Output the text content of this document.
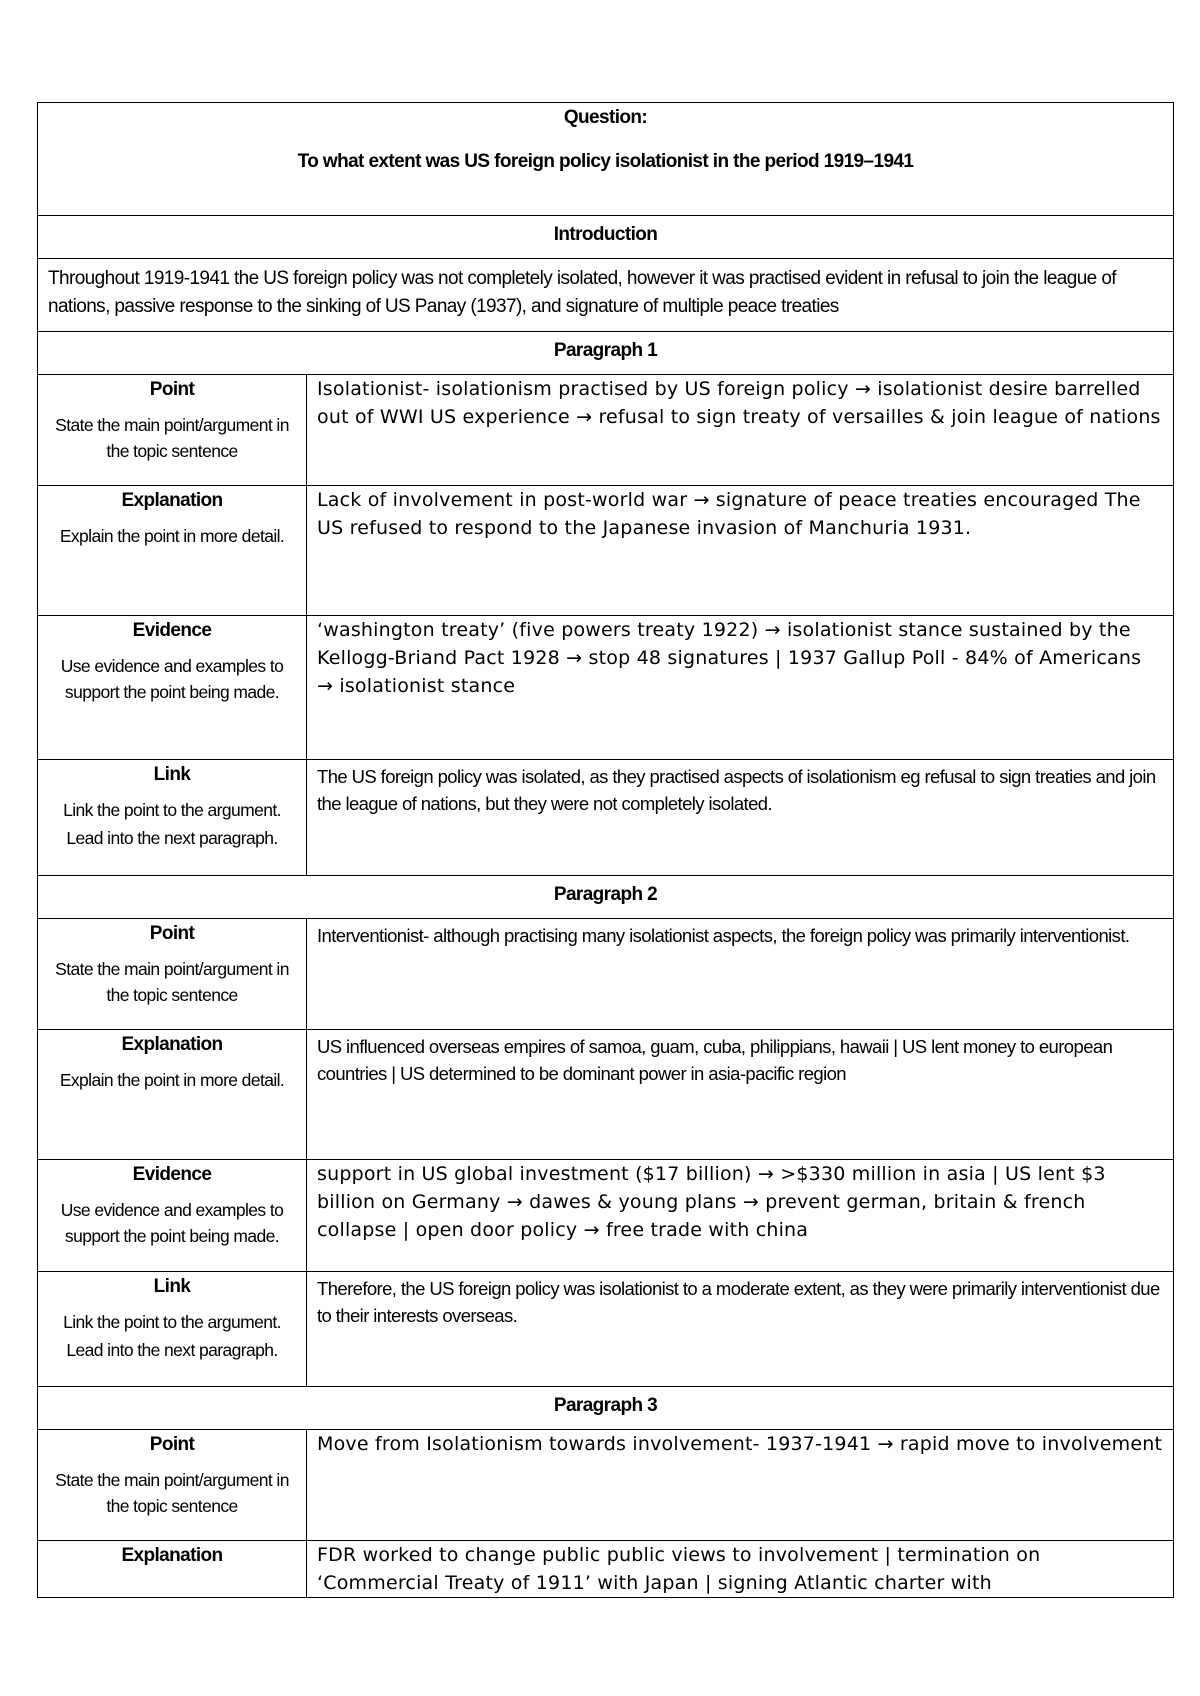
Question:
To what extent was US foreign policy isolationist in the period 1919–1941	

Introduction	

Throughout 1919-1941 the US foreign policy was not completely isolated, however it was practised evident in refusal to join the league of nations, passive response to the sinking of US Panay (1937), and signature of multiple peace treaties	

Paragraph 1	

Point
State the main point/argument in the topic sentence	Isolationist- isolationism practised by US foreign policy → isolationist desire barrelled out of WWI US experience → refusal to sign treaty of versailles & join league of nations

Explanation
Explain the point in more detail.	Lack of involvement in post-world war → signature of peace treaties encouraged The US refused to respond to the Japanese invasion of Manchuria 1931.

Evidence
Use evidence and examples to support the point being made.	‘washington treaty’ (five powers treaty 1922) → isolationist stance sustained by the Kellogg-Briand Pact 1928 → stop 48 signatures | 1937 Gallup Poll - 84% of Americans → isolationist stance

Link
Link the point to the argument.
Lead into the next paragraph.	The US foreign policy was isolated, as they practised aspects of isolationism eg refusal to sign treaties and join the league of nations, but they were not completely isolated.

Paragraph 2	

Point
State the main point/argument in the topic sentence	Interventionist- although practising many isolationist aspects, the foreign policy was primarily interventionist.

Explanation
Explain the point in more detail.	US influenced overseas empires of samoa, guam, cuba, philippians, hawaii | US lent money to european countries | US determined to be dominant power in asia-pacific region

Evidence
Use evidence and examples to support the point being made.	support in US global investment ($17 billion) → >$330 million in asia | US lent $3 billion on Germany → dawes & young plans → prevent german, britain & french collapse | open door policy → free trade with china

Link
Link the point to the argument.
Lead into the next paragraph.	Therefore, the US foreign policy was isolationist to a moderate extent, as they were primarily interventionist due to their interests overseas.

Paragraph 3	

Point
State the main point/argument in the topic sentence	Move from Isolationism towards involvement- 1937-1941 → rapid move to involvement

Explanation	FDR worked to change public public views to involvement | termination on ‘Commercial Treaty of 1911’ with Japan | signing Atlantic charter with
